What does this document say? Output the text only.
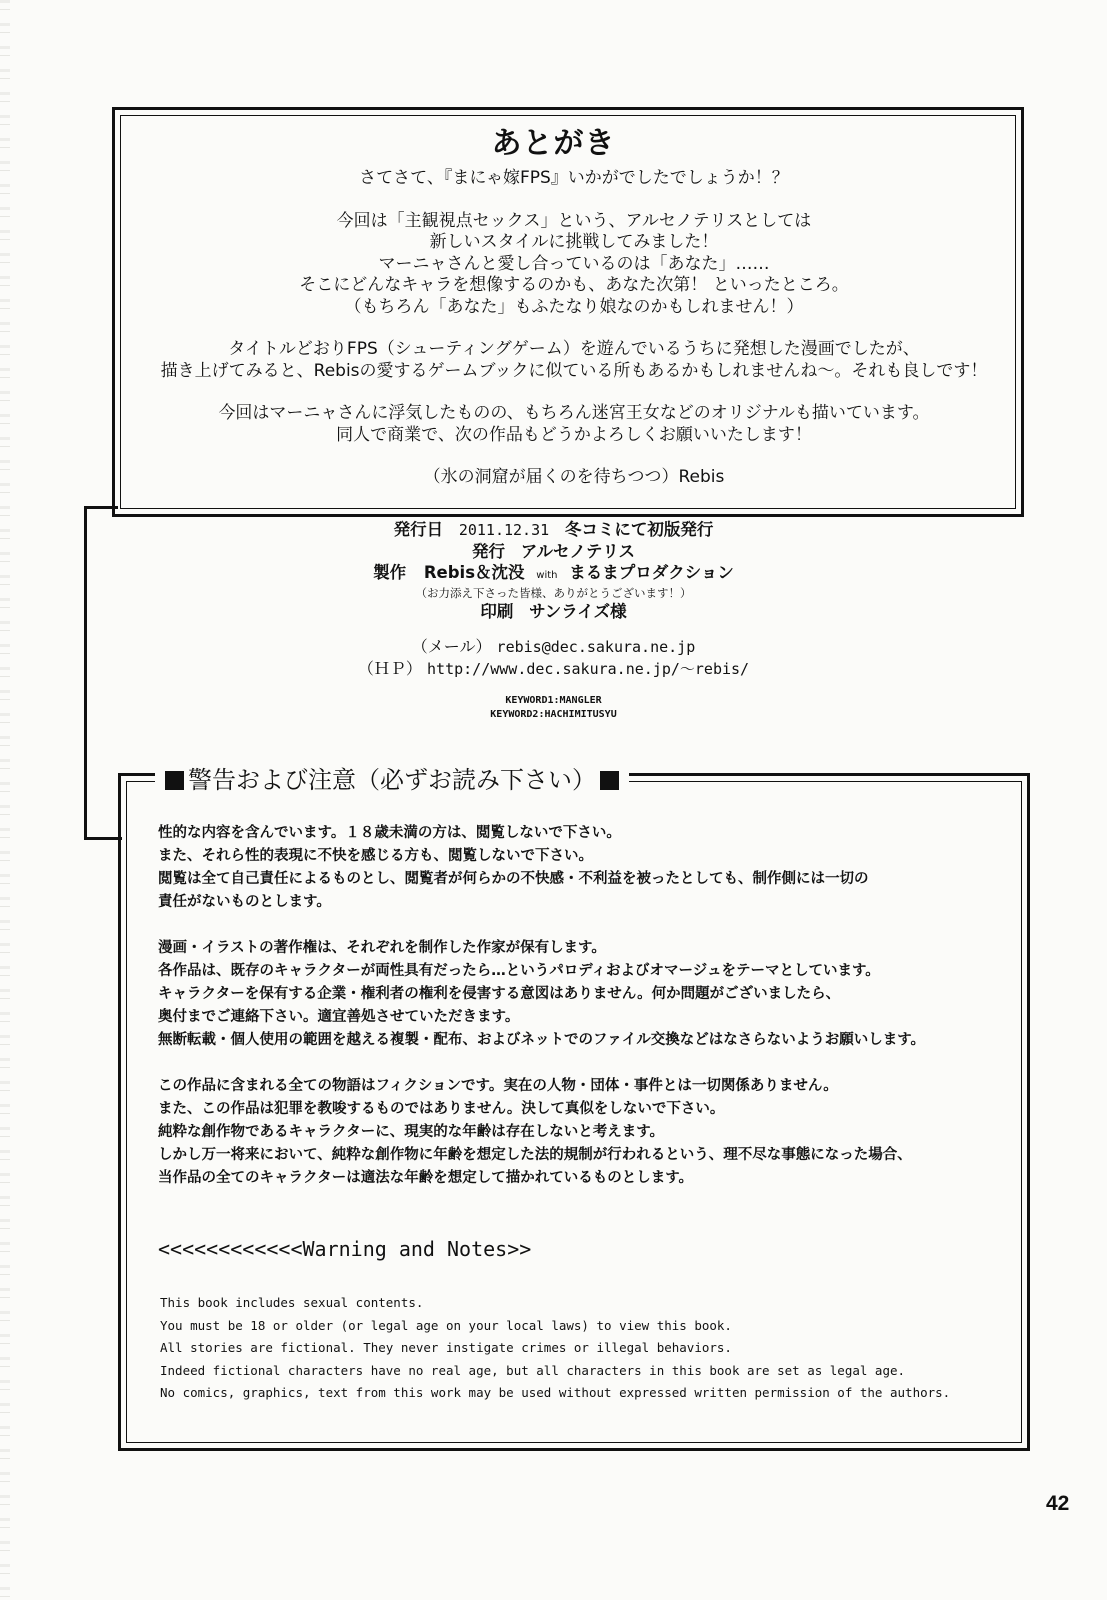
あとがき

さてさて、『まにゃ嫁FPS』いかがでしたでしょうか！？

今回は「主観視点セックス」という、アルセノテリスとしては
新しいスタイルに挑戦してみました！
マーニャさんと愛し合っているのは「あなた」……
そこにどんなキャラを想像するのかも、あなた次第！ といったところ。
（もちろん「あなた」もふたなり娘なのかもしれません！）

タイトルどおりFPS（シューティングゲーム）を遊んでいるうちに発想した漫画でしたが、
描き上げてみると、Rebisの愛するゲームブックに似ている所もあるかもしれませんね～。それも良しです！

今回はマーニャさんに浮気したものの、もちろん迷宮王女などのオリジナルも描いています。
同人で商業で、次の作品もどうかよろしくお願いいたします！

（氷の洞窟が届くのを待ちつつ）Rebis

発行日 2011.12.31 冬コミにて初版発行
発行 アルセノテリス
製作 Rebis＆沈没 with まるまプロダクション
（お力添え下さった皆様、ありがとうございます！）
印刷 サンライズ様
（メール） rebis@dec.sakura.ne.jp
（ＨＰ） http://www.dec.sakura.ne.jp/～rebis/
KEYWORD1:MANGLER
KEYWORD2:HACHIMITUSYU
警告および注意（必ずお読み下さい）

性的な内容を含んでいます。１８歳未満の方は、閲覧しないで下さい。
また、それら性的表現に不快を感じる方も、閲覧しないで下さい。
閲覧は全て自己責任によるものとし、閲覧者が何らかの不快感・不利益を被ったとしても、制作側には一切の
責任がないものとします。

漫画・イラストの著作権は、それぞれを制作した作家が保有します。
各作品は、既存のキャラクターが両性具有だったら…というパロディおよびオマージュをテーマとしています。
キャラクターを保有する企業・権利者の権利を侵害する意図はありません。何か問題がございましたら、
奥付までご連絡下さい。適宜善処させていただきます。
無断転載・個人使用の範囲を越える複製・配布、およびネットでのファイル交換などはなさらないようお願いします。

この作品に含まれる全ての物語はフィクションです。実在の人物・団体・事件とは一切関係ありません。
また、この作品は犯罪を教唆するものではありません。決して真似をしないで下さい。
純粋な創作物であるキャラクターに、現実的な年齢は存在しないと考えます。
しかし万一将来において、純粋な創作物に年齢を想定した法的規制が行われるという、理不尽な事態になった場合、
当作品の全てのキャラクターは適法な年齢を想定して描かれているものとします。

<<<<<<<<<<<<Warning and Notes>>
This book includes sexual contents.
You must be 18 or older (or legal age on your local laws) to view this book.
All stories are fictional. They never instigate crimes or illegal behaviors.
Indeed fictional characters have no real age, but all characters in this book are set as legal age.
No comics, graphics, text from this work may be used without expressed written permission of the authors.
42
